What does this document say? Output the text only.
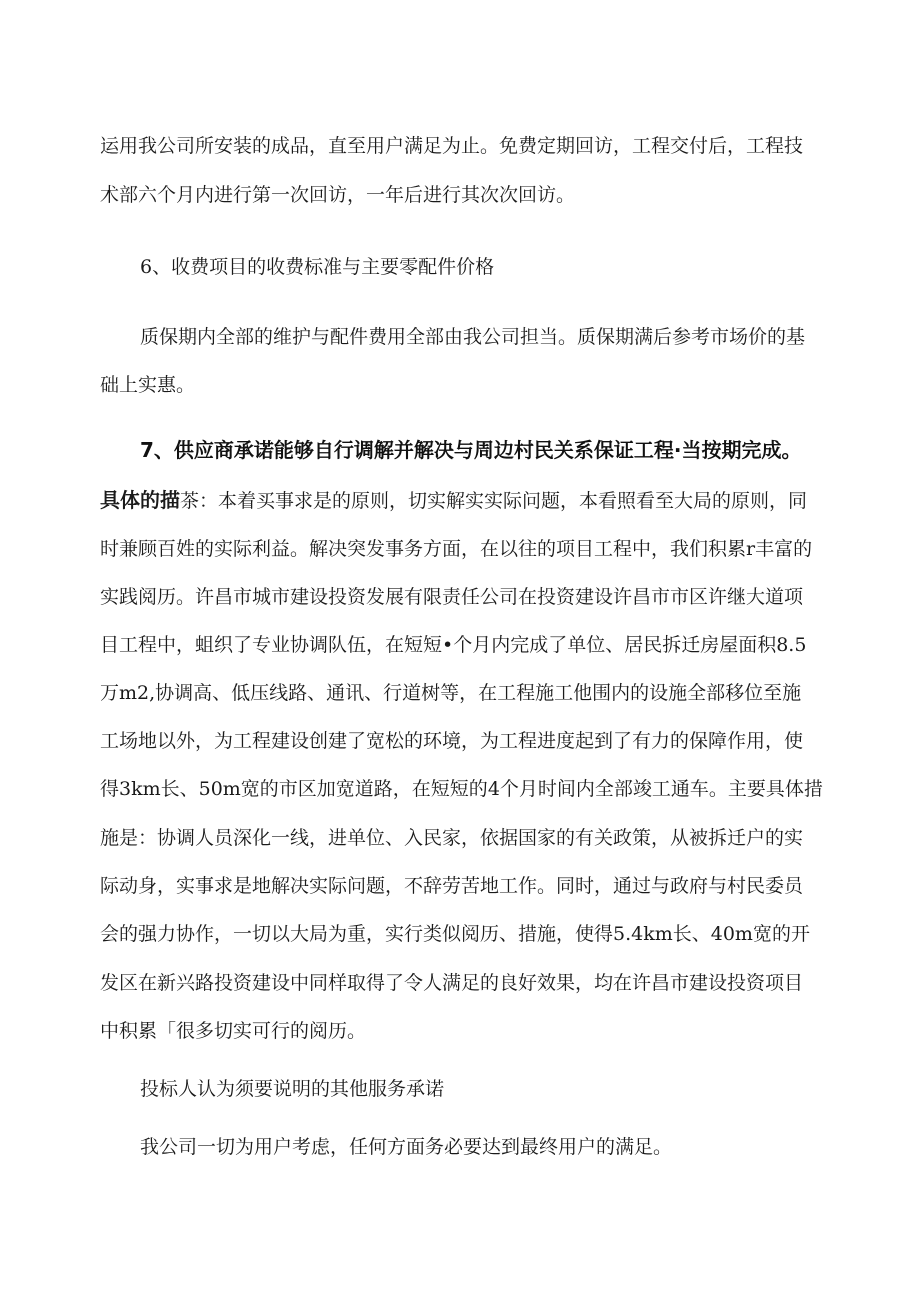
运用我公司所安装的成品，直至用户满足为止。免费定期回访，工程交付后，工程技
术部六个月内进行第一次回访，一年后进行其次次回访。
6、收费项目的收费标准与主要零配件价格
质保期内全部的维护与配件费用全部由我公司担当。质保期满后参考市场价的基
础上实惠。
7、供应商承诺能够自行调解并解决与周边村民关系保证工程·当按期完成。
具体的描茶：本着买事求是的原则，切实解实实际问题，本看照看至大局的原则，同
时兼顾百姓的实际利益。解决突发事务方面，在以往的项目工程中，我们积累r丰富的
实践阅历。许昌市城市建设投资发展有限责任公司在投资建设许昌市市区许继大道项
目工程中，蛆织了专业协调队伍，在短短•个月内完成了单位、居民拆迁房屋面积8.5
万m2,协调高、低压线路、通讯、行道树等，在工程施工他围内的设施全部移位至施
工场地以外，为工程建设创建了宽松的环境，为工程进度起到了有力的保障作用，使
得3km长、50m宽的市区加宽道路，在短短的4个月时间内全部竣工通车。主要具体措
施是：协调人员深化一线，进单位、入民家，依据国家的有关政策，从被拆迁户的实
际动身，实事求是地解决实际问题，不辞劳苦地工作。同时，通过与政府与村民委员
会的强力协作，一切以大局为重，实行类似阅历、措施，使得5.4km长、40m宽的开
发区在新兴路投资建设中同样取得了令人满足的良好效果，均在许昌市建设投资项目
中积累「很多切实可行的阅历。
投标人认为须要说明的其他服务承诺
我公司一切为用户考虑，任何方面务必要达到最终用户的满足。
